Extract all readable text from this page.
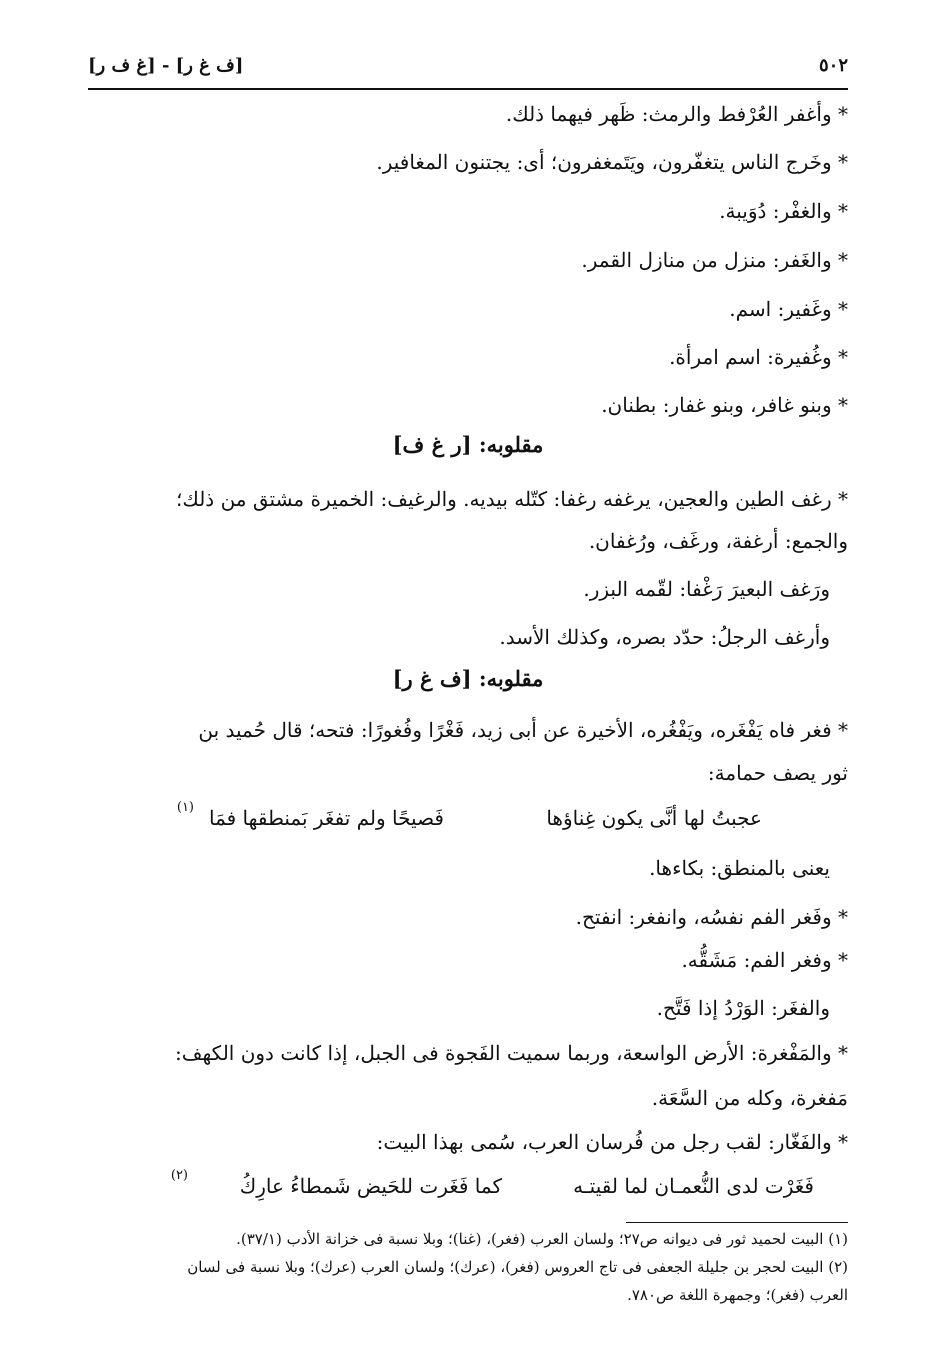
[غ ف ر] - [ف غ ر]	٥٠٢
* وأغفر العُرْفط والرمث: ظَهر فيهما ذلك.
* وخَرج الناس يتغفّرون، ويَتَمغفرون؛ أى: يجتنون المغافير.
* والغفْر: دُوَيبة.
* والغَفر: منزل من منازل القمر.
* وغَفير: اسم.
* وغُفيرة: اسم امرأة.
* وبنو غافر، وبنو غفار: بطنان.
مقلوبه: [ر غ ف]
* رغف الطين والعجين، يرغفه رغفا: كتّله بيديه. والرغيف: الخميرة مشتق من ذلك؛
والجمع: أرغفة، ورغَف، ورُغفان.
ورَغف البعيرَ رَغْفا: لقّمه البزر.
وأرغف الرجلُ: حدّد بصره، وكذلك الأسد.
مقلوبه: [ف غ ر]
* فغر فاه يَفْغَره، ويَفْغُره، الأخيرة عن أبى زيد، فَغْرًا وفُغورًا: فتحه؛ قال حُميد بن
ثور يصف حمامة:
عجبتُ لها أنَّى يكون غِناؤها
فَصيحًا ولم تفغَر بَمنطقها فمَا
(١)
يعنى بالمنطق: بكاءها.
* وفَغر الفم نفسُه، وانفغر: انفتح.
* وفغر الفم: مَشَقُّه.
والفغَر: الوَرْدُ إذا فَتَّح.
* والمَفْغرة: الأرض الواسعة، وربما سميت الفَجوة فى الجبل، إذا كانت دون الكهف:
مَفغرة، وكله من السَّعَة.
* والفَغّار: لقب رجل من فُرسان العرب، سُمى بهذا البيت:
فَغَرْت لدى النُّعمـان لما لقيتـه
كما فَغَرت للحَيض شَمطاءُ عارِكُ
(٢)
(١) البيت لحميد ثور فى ديوانه ص٢٧؛ ولسان العرب (فغر)، (غنا)؛ وبلا نسبة فى خزانة الأدب (٣٧/١).
(٢) البيت لحجر بن جليلة الجعفى فى تاج العروس (فغر)، (عرك)؛ ولسان العرب (عرك)؛ وبلا نسبة فى لسان
العرب (فغر)؛ وجمهرة اللغة ص٧٨٠.
